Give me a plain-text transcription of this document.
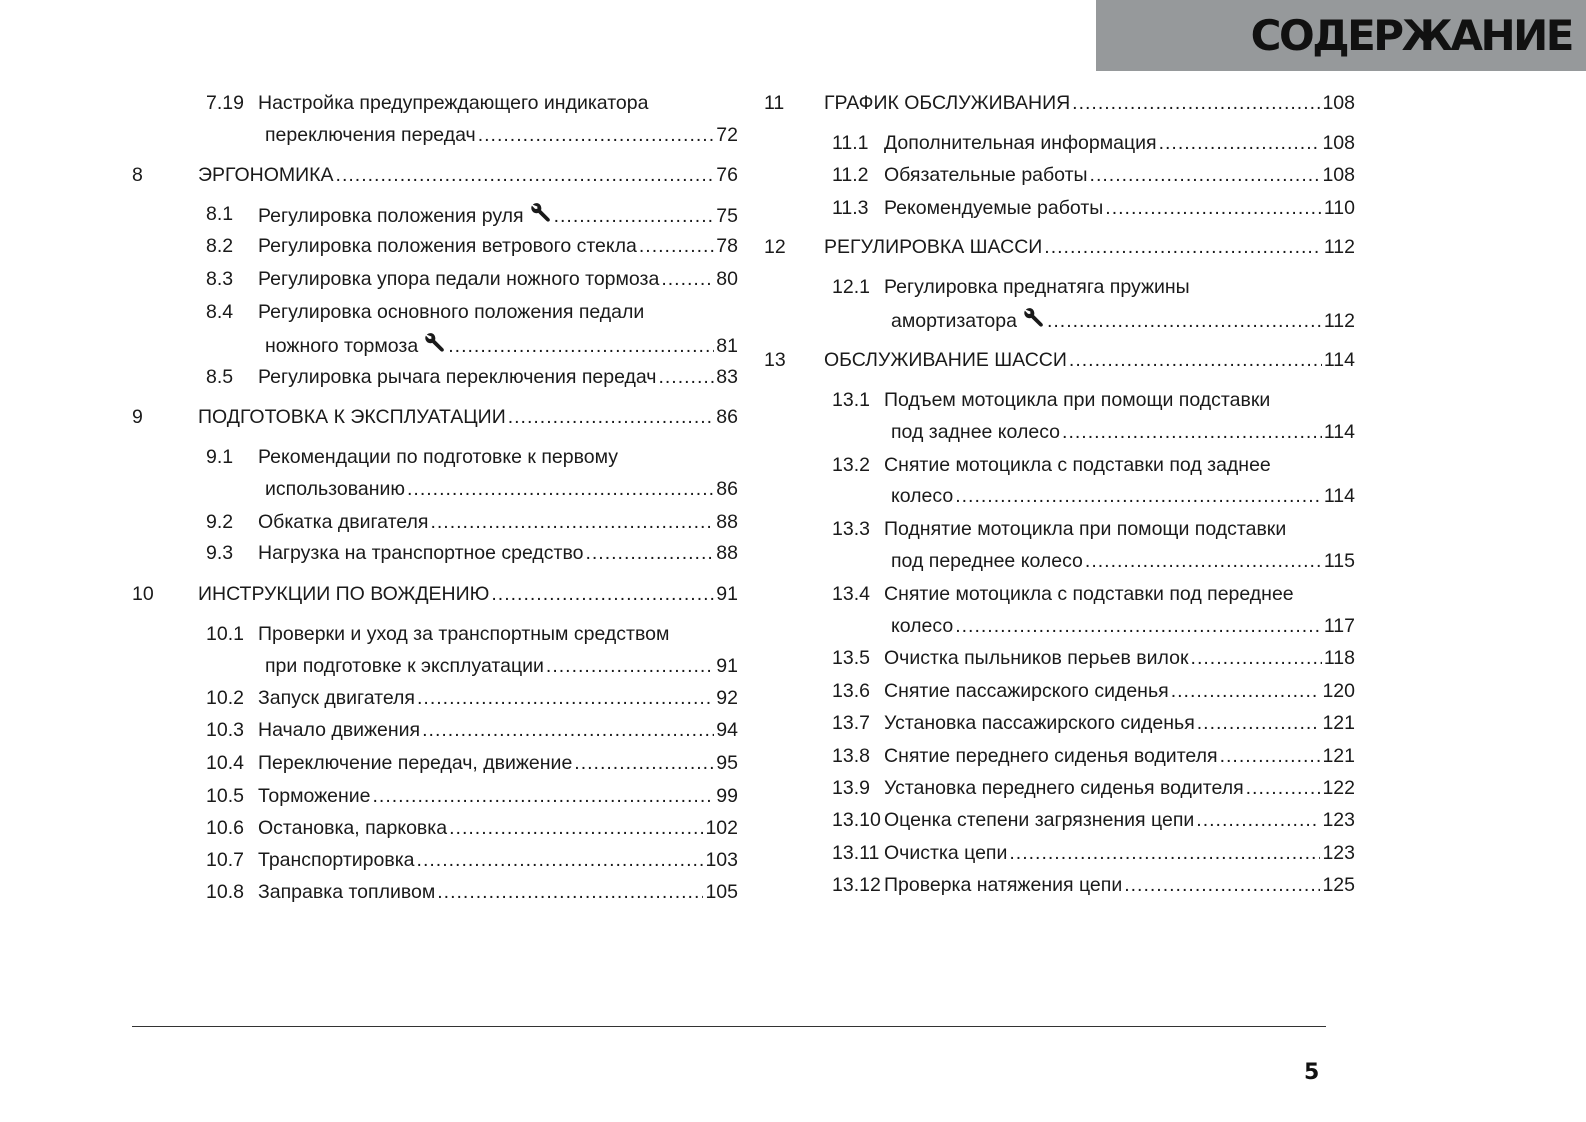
СОДЕРЖАНИЕ
7.19 Настройка предупреждающего индикатора
переключения передач .....	72
8	ЭРГОНОМИКА .....	76
8.1 Регулировка положения руля .....	75
8.2 Регулировка положения ветрового стекла .....	78
8.3 Регулировка упора педали ножного тормоза .....	80
8.4 Регулировка основного положения педали
ножного тормоза .....	81
8.5 Регулировка рычага переключения передач .....	83
9	ПОДГОТОВКА К ЭКСПЛУАТАЦИИ .....	86
9.1 Рекомендации по подготовке к первому
использованию .....	86
9.2 Обкатка двигателя .....	88
9.3 Нагрузка на транспортное средство .....	88
10 ИНСТРУКЦИИ ПО ВОЖДЕНИЮ .....	91
10.1 Проверки и уход за транспортным средством
при подготовке к эксплуатации .....	91
10.2 Запуск двигателя .....	92
10.3 Начало движения .....	94
10.4 Переключение передач, движение .....	95
10.5 Торможение .....	99
10.6 Остановка, парковка .....	102
10.7 Транспортировка .....	103
10.8 Заправка топливом .....	105
11 ГРАФИК ОБСЛУЖИВАНИЯ .....	108
11.1 Дополнительная информация .....	108
11.2 Обязательные работы .....	108
11.3 Рекомендуемые работы .....	110
12 РЕГУЛИРОВКА ШАССИ .....	112
12.1 Регулировка преднатяга пружины
амортизатора .....	112
13 ОБСЛУЖИВАНИЕ ШАССИ .....	114
13.1 Подъем мотоцикла при помощи подставки
под заднее колесо .....	114
13.2 Снятие мотоцикла с подставки под заднее
колесо .....	114
13.3 Поднятие мотоцикла при помощи подставки
под переднее колесо .....	115
13.4 Снятие мотоцикла с подставки под переднее
колесо .....	117
13.5 Очистка пыльников перьев вилок .....	118
13.6 Снятие пассажирского сиденья .....	120
13.7 Установка пассажирского сиденья .....	121
13.8 Снятие переднего сиденья водителя .....	121
13.9 Установка переднего сиденья водителя .....	122
13.10 Оценка степени загрязнения цепи .....	123
13.11 Очистка цепи .....	123
13.12 Проверка натяжения цепи .....	125
5
